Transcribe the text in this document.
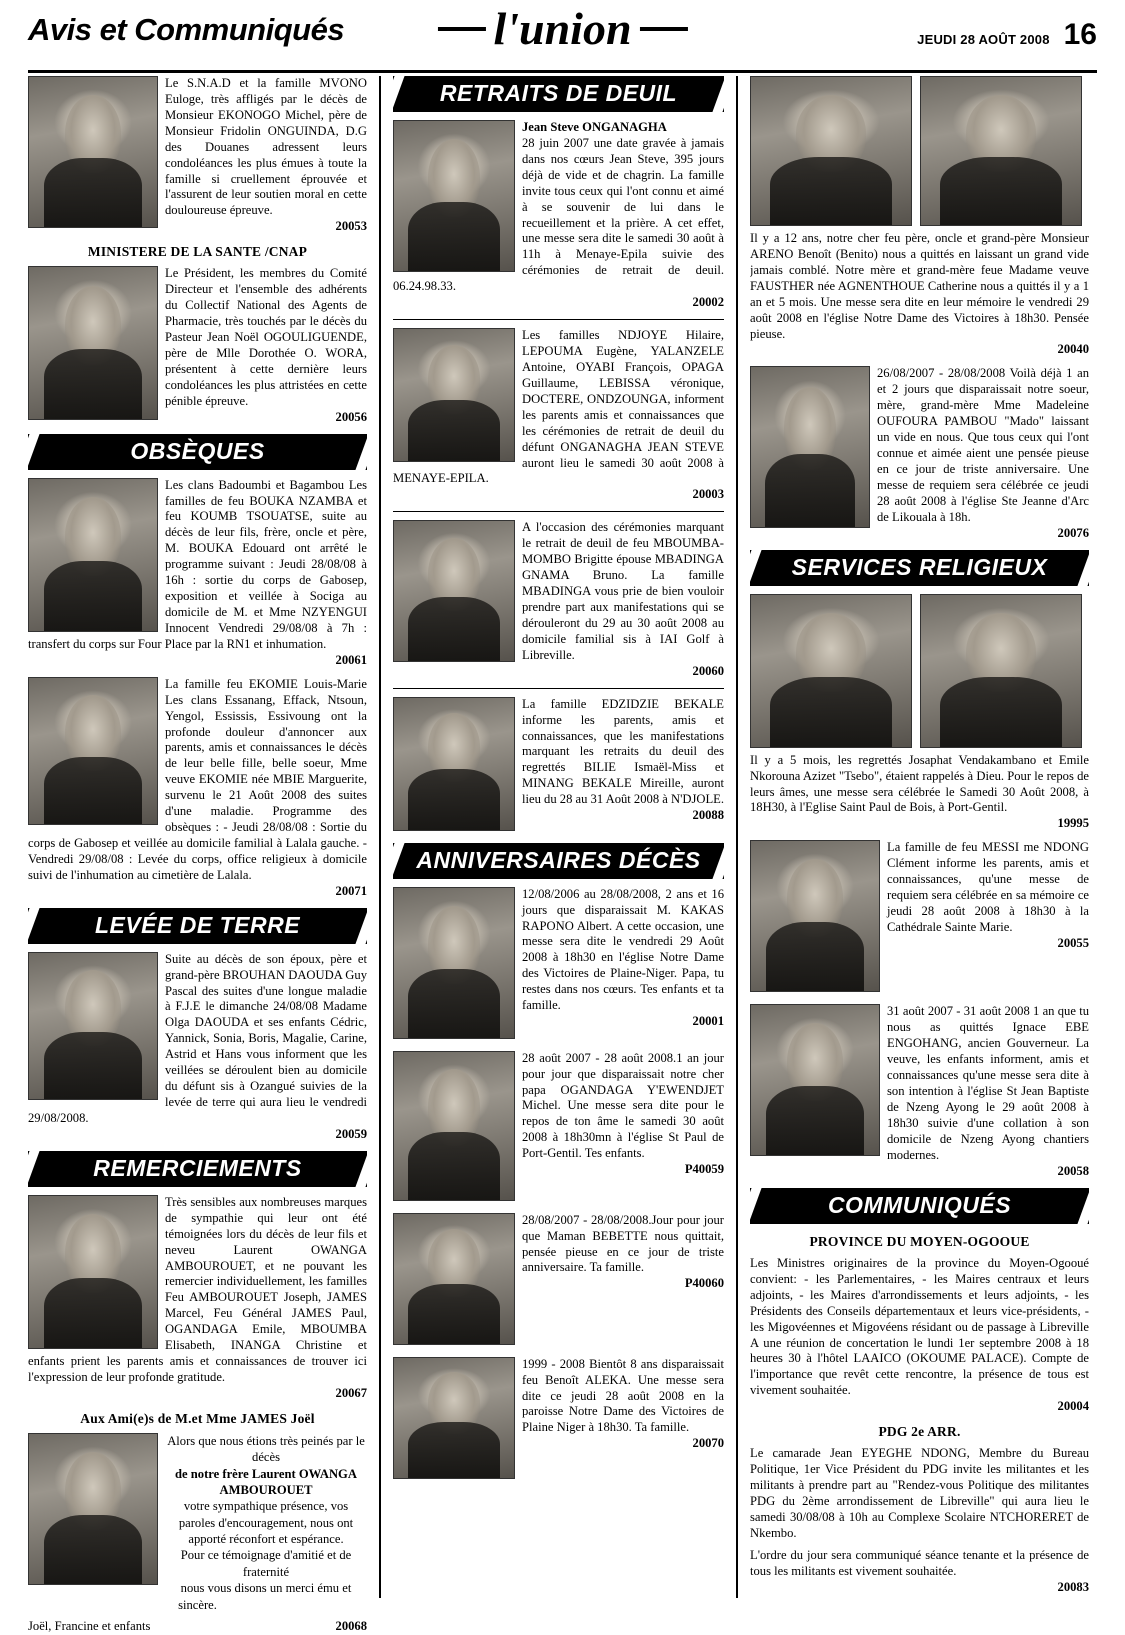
Avis et Communiqués	l'union	JEUDI 28 AOÛT 2008 16
Le S.N.A.D et la famille MVONO Euloge, très affligés par le décès de Monsieur EKONOGO Michel, père de Monsieur Fridolin ONGUINDA, D.G des Douanes adressent leurs condoléances les plus émues à toute la famille si cruellement éprouvée et l'assurent de leur soutien moral en cette douloureuse épreuve.
20053
MINISTERE DE LA SANTE /CNAP
Le Président, les membres du Comité Directeur et l'ensemble des adhérents du Collectif National des Agents de Pharmacie, très touchés par le décès du Pasteur Jean Noël OGOULIGUENDE, père de Mlle Dorothée O. WORA, présentent à cette dernière leurs condoléances les plus attristées en cette pénible épreuve.
20056
OBSÈQUES
Les clans Badoumbi et Bagambou Les familles de feu BOUKA NZAMBA et feu KOUMB TSOUATSE, suite au décès de leur fils, frère, oncle et père, M. BOUKA Edouard ont arrêté le programme suivant : Jeudi 28/08/08 à 16h : sortie du corps de Gabosep, exposition et veillée à Sociga au domicile de M. et Mme NZYENGUI Innocent Vendredi 29/08/08 à 7h : transfert du corps sur Four Place par la RN1 et inhumation.
20061
La famille feu EKOMIE Louis-Marie Les clans Essanang, Effack, Ntsoun, Yengol, Essissis, Essivoung ont la profonde douleur d'annoncer aux parents, amis et connaissances le décès de leur belle fille, belle soeur, Mme veuve EKOMIE née MBIE Marguerite, survenu le 21 Août 2008 des suites d'une maladie. Programme des obsèques : - Jeudi 28/08/08 : Sortie du corps de Gabosep et veillée au domicile familial à Lalala gauche. - Vendredi 29/08/08 : Levée du corps, office religieux à domicile suivi de l'inhumation au cimetière de Lalala.
20071
LEVÉE DE TERRE
Suite au décès de son époux, père et grand-père BROUHAN DAOUDA Guy Pascal des suites d'une longue maladie à F.J.E le dimanche 24/08/08 Madame Olga DAOUDA et ses enfants Cédric, Yannick, Sonia, Boris, Magalie, Carine, Astrid et Hans vous informent que les veillées se déroulent bien au domicile du défunt sis à Ozangué suivies de la levée de terre qui aura lieu le vendredi 29/08/2008.
20059
REMERCIEMENTS
Très sensibles aux nombreuses marques de sympathie qui leur ont été témoignées lors du décès de leur fils et neveu Laurent OWANGA AMBOUROUET, et ne pouvant les remercier individuellement, les familles Feu AMBOUROUET Joseph, JAMES Marcel, Feu Général JAMES Paul, OGANDAGA Emile, MBOUMBA Elisabeth, INANGA Christine et enfants prient les parents amis et connaissances de trouver ici l'expression de leur profonde gratitude.
20067
Aux Ami(e)s de M.et Mme JAMES Joël
Alors que nous étions très peinés par le décès
de notre frère Laurent OWANGA AMBOUROUET
votre sympathique présence, vos paroles d'encouragement, nous ont apporté réconfort et espérance.
Pour ce témoignage d'amitié et de fraternité
nous vous disons un merci ému et sincère.
Joël, Francine et enfants	20068
RETRAITS DE DEUIL
Jean Steve ONGANAGHA
28 juin 2007 une date gravée à jamais dans nos cœurs Jean Steve, 395 jours déjà de vide et de chagrin. La famille invite tous ceux qui l'ont connu et aimé à se souvenir de lui dans le recueillement et la prière. A cet effet, une messe sera dite le samedi 30 août à 11h à Menaye-Epila suivie des cérémonies de retrait de deuil. 06.24.98.33.
20002
Les familles NDJOYE Hilaire, LEPOUMA Eugène, YALANZELE Antoine, OYABI François, OPAGA Guillaume, LEBISSA véronique, DOCTERE, ONDZOUNGA, informent les parents amis et connaissances que les cérémonies de retrait de deuil du défunt ONGANAGHA JEAN STEVE auront lieu le samedi 30 août 2008 à MENAYE-EPILA.
20003
A l'occasion des cérémonies marquant le retrait de deuil de feu MBOUMBA-MOMBO Brigitte épouse MBADINGA GNAMA Bruno. La famille MBADINGA vous prie de bien vouloir prendre part aux manifestations qui se dérouleront du 29 au 30 août 2008 au domicile familial sis à IAI Golf à Libreville.
20060
La famille EDZIDZIE BEKALE informe les parents, amis et connaissances, que les manifestations marquant les retraits du deuil des regrettés BILIE Ismaël-Miss et MINANG BEKALE Mireille, auront lieu du 28 au 31 Août 2008 à N'DJOLE.
20088
ANNIVERSAIRES DÉCÈS
12/08/2006 au 28/08/2008, 2 ans et 16 jours que disparaissait M. KAKAS RAPONO Albert. A cette occasion, une messe sera dite le vendredi 29 Août 2008 à 18h30 en l'église Notre Dame des Victoires de Plaine-Niger. Papa, tu restes dans nos cœurs. Tes enfants et ta famille.
20001
28 août 2007 - 28 août 2008.1 an jour pour jour que disparaissait notre cher papa OGANDAGA Y'EWENDJET Michel. Une messe sera dite pour le repos de ton âme le samedi 30 août 2008 à 18h30mn à l'église St Paul de Port-Gentil. Tes enfants.
P40059
28/08/2007 - 28/08/2008.Jour pour jour que Maman BEBETTE nous quittait, pensée pieuse en ce jour de triste anniversaire. Ta famille.
P40060
1999 - 2008 Bientôt 8 ans disparaissait feu Benoît ALEKA. Une messe sera dite ce jeudi 28 août 2008 en la paroisse Notre Dame des Victoires de Plaine Niger à 18h30. Ta famille.
20070
Il y a 12 ans, notre cher feu père, oncle et grand-père Monsieur ARENO Benoît (Benito) nous a quittés en laissant un grand vide jamais comblé. Notre mère et grand-mère feue Madame veuve FAUSTHER née AGNENTHOUE Catherine nous a quittés il y a 1 an et 5 mois. Une messe sera dite en leur mémoire le vendredi 29 août 2008 en l'église Notre Dame des Victoires à 18h30. Pensée pieuse.
20040
26/08/2007 - 28/08/2008 Voilà déjà 1 an et 2 jours que disparaissait notre soeur, mère, grand-mère Mme Madeleine OUFOURA PAMBOU "Mado" laissant un vide en nous. Que tous ceux qui l'ont connue et aimée aient une pensée pieuse en ce jour de triste anniversaire. Une messe de requiem sera célébrée ce jeudi 28 août 2008 à l'église Ste Jeanne d'Arc de Likouala à 18h.
20076
SERVICES RELIGIEUX
Il y a 5 mois, les regrettés Josaphat Vendakambano et Emile Nkorouna Azizet "Tsebo", étaient rappelés à Dieu. Pour le repos de leurs âmes, une messe sera célébrée le Samedi 30 Août 2008, à 18H30, à l'Eglise Saint Paul de Bois, à Port-Gentil.
19995
La famille de feu MESSI me NDONG Clément informe les parents, amis et connaissances, qu'une messe de requiem sera célébrée en sa mémoire ce jeudi 28 août 2008 à 18h30 à la Cathédrale Sainte Marie.
20055
31 août 2007 - 31 août 2008 1 an que tu nous as quittés Ignace EBE ENGOHANG, ancien Gouverneur. La veuve, les enfants informent, amis et connaissances qu'une messe sera dite à son intention à l'église St Jean Baptiste de Nzeng Ayong le 29 août 2008 à 18h30 suivie d'une collation à son domicile de Nzeng Ayong chantiers modernes.
20058
COMMUNIQUÉS
PROVINCE DU MOYEN-OGOOUE
Les Ministres originaires de la province du Moyen-Ogooué convient: - les Parlementaires, - les Maires centraux et leurs adjoints, - les Maires d'arrondissements et leurs adjoints, - les Présidents des Conseils départementaux et leurs vice-présidents, - les Migovéennes et Migovéens résidant ou de passage à Libreville A une réunion de concertation le lundi 1er septembre 2008 à 18 heures 30 à l'hôtel LAAICO (OKOUME PALACE). Compte de l'importance que revêt cette rencontre, la présence de tous est vivement souhaitée.
20004
PDG 2e ARR.
Le camarade Jean EYEGHE NDONG, Membre du Bureau Politique, 1er Vice Président du PDG invite les militantes et les militants à prendre part au "Rendez-vous Politique des militantes PDG du 2ème arrondissement de Libreville" qui aura lieu le samedi 30/08/08 à 10h au Complexe Scolaire NTCHORERET de Nkembo.
L'ordre du jour sera communiqué séance tenante et la présence de tous les militants est vivement souhaitée.
20083
